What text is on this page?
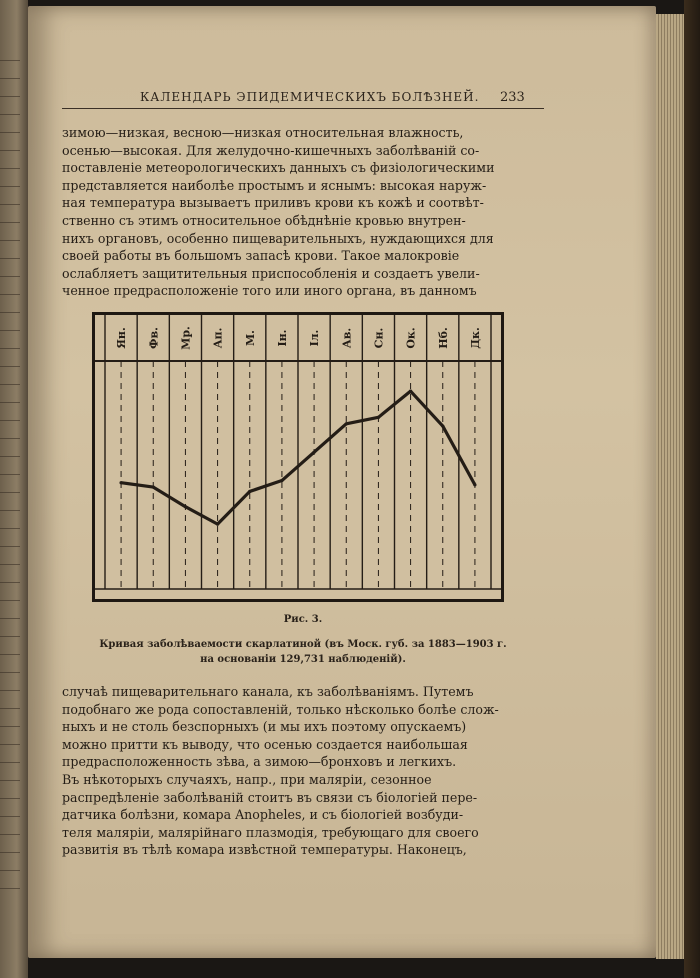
КАЛЕНДАРЬ ЭПИДЕМИЧЕСКИХЪ БОЛѢЗНЕЙ.	233
зимою—низкая, весною—низкая относительная влажность,
осенью—высокая. Для желудочно-кишечныхъ заболѣванiй со-
поставленiе метеорологическихъ данныхъ съ физiологическими
представляется наиболѣе простымъ и яснымъ: высокая наруж-
ная температура вызываетъ приливъ крови къ кожѣ и соотвѣт-
ственно съ этимъ относительное обѣднѣнiе кровью внутрен-
нихъ органовъ, особенно пищеварительныхъ, нуждающихся для
своей работы въ большомъ запасѣ крови. Такое малокровiе
ослабляетъ защитительныя приспособленiя и создаетъ увели-
ченное предрасположенiе того или иного органа, въ данномъ
Ян. Фв. Мр. Ап. М. Iн. Iл. Ав. Сн. Ок. Нб. Дк.
Рис. 3.
Кривая заболѣваемости скарлатиной (въ Моск. губ. за 1883—1903 г.
на основанiи 129,731 наблюденiй).
случаѣ пищеварительнаго канала, къ заболѣванiямъ. Путемъ
подобнаго же рода сопоставленiй, только нѣсколько болѣе слож-
ныхъ и не столь безспорныхъ (и мы ихъ поэтому опускаемъ)
можно притти къ выводу, что осенью создается наибольшая
предрасположенность зѣва, а зимою—бронховъ и легкихъ.
Въ нѣкоторыхъ случаяхъ, напр., при малярiи, сезонное
распредѣленiе заболѣванiй стоитъ въ связи съ бiологiей пере-
датчика болѣзни, комара Anopheles, и съ бiологiей возбуди-
теля малярiи, малярiйнаго плазмодiя, требующаго для своего
развитiя въ тѣлѣ комара извѣстной температуры. Наконецъ,
